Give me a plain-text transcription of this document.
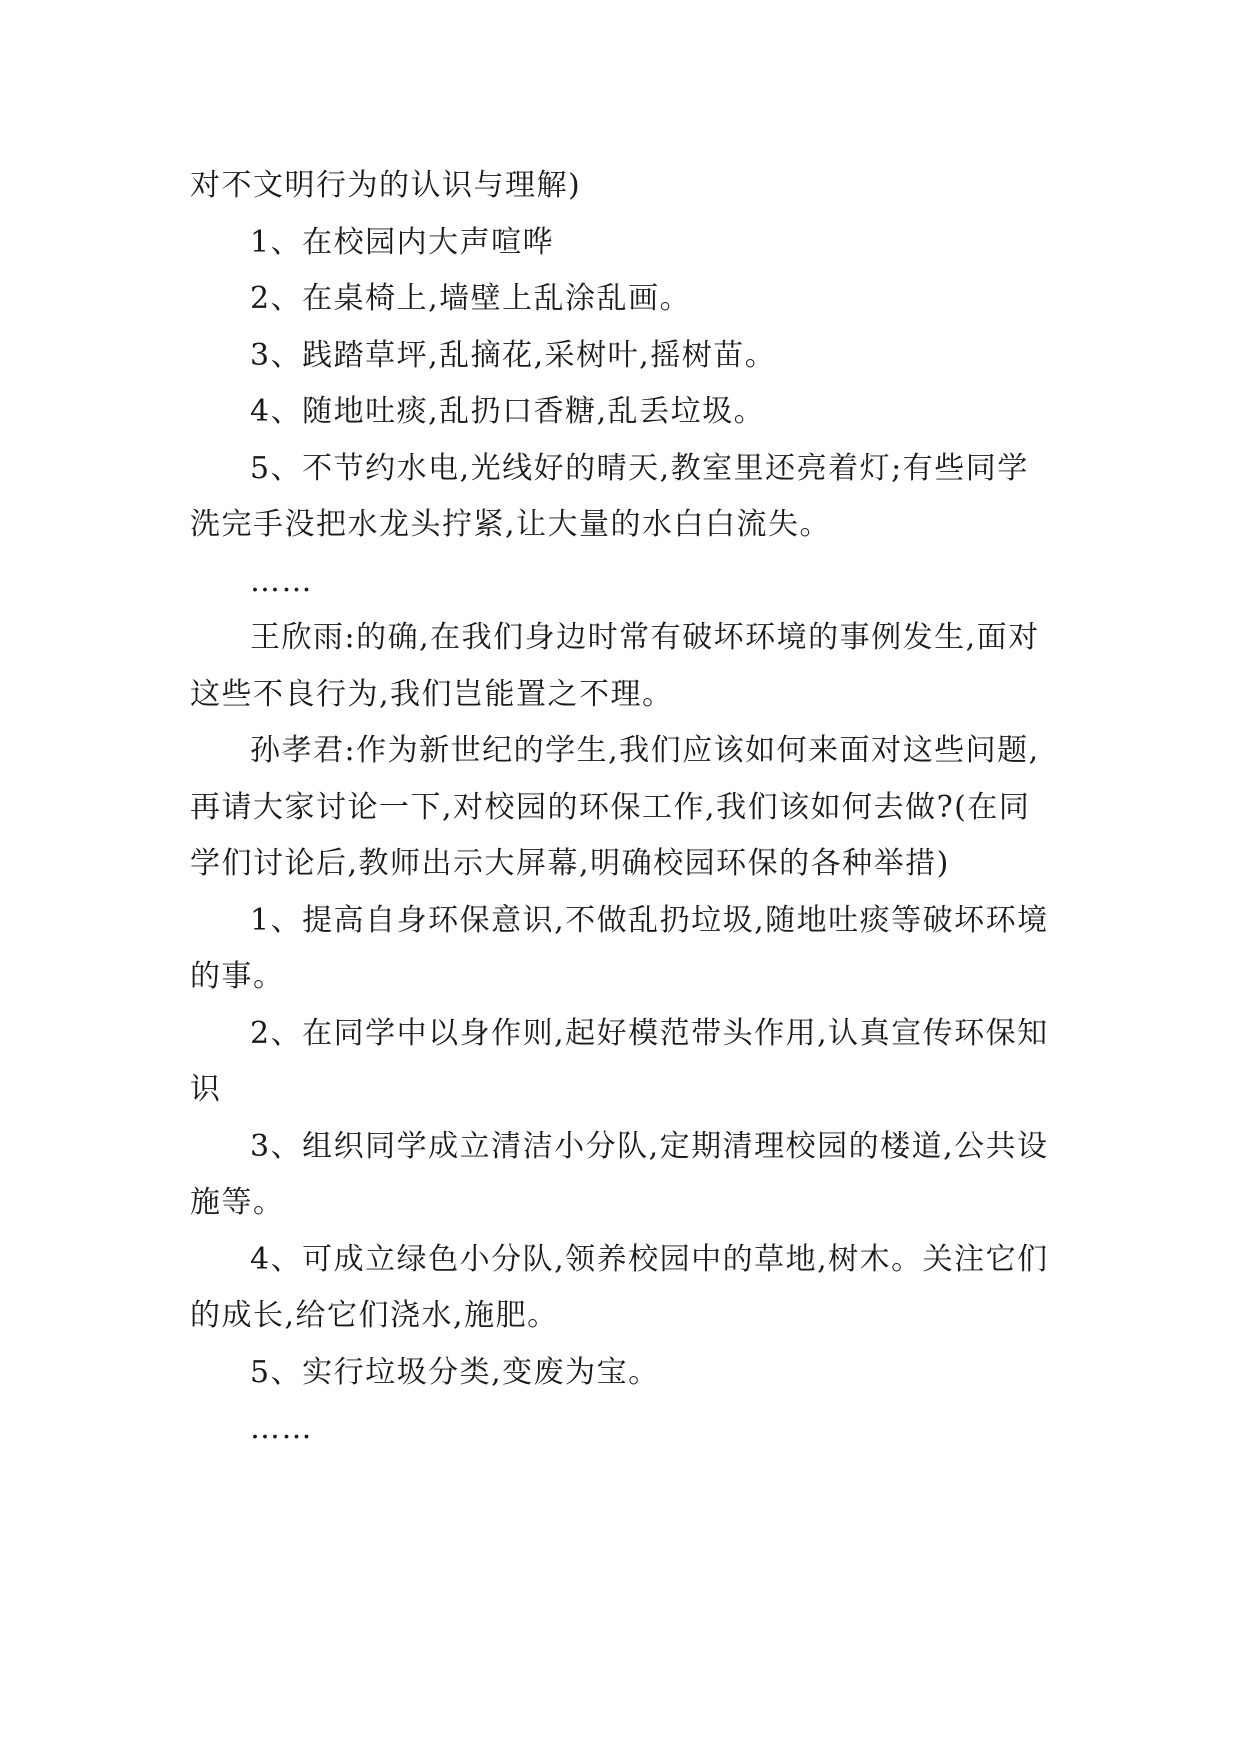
对不文明行为的认识与理解)

1、在校园内大声喧哗

2、在桌椅上,墙壁上乱涂乱画。

3、践踏草坪,乱摘花,采树叶,摇树苗。

4、随地吐痰,乱扔口香糖,乱丢垃圾。

5、不节约水电,光线好的晴天,教室里还亮着灯;有些同学洗完手没把水龙头拧紧,让大量的水白白流失。

……

王欣雨:的确,在我们身边时常有破坏环境的事例发生,面对这些不良行为,我们岂能置之不理。

孙孝君:作为新世纪的学生,我们应该如何来面对这些问题,再请大家讨论一下,对校园的环保工作,我们该如何去做?(在同学们讨论后,教师出示大屏幕,明确校园环保的各种举措)

1、提高自身环保意识,不做乱扔垃圾,随地吐痰等破坏环境的事。

2、在同学中以身作则,起好模范带头作用,认真宣传环保知识

3、组织同学成立清洁小分队,定期清理校园的楼道,公共设施等。

4、可成立绿色小分队,领养校园中的草地,树木。关注它们的成长,给它们浇水,施肥。

5、实行垃圾分类,变废为宝。

……
